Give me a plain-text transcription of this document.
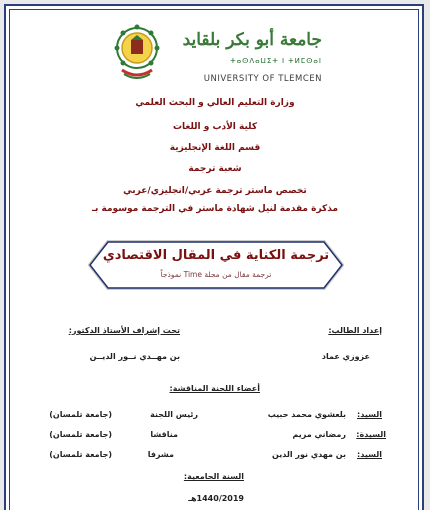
جامعة أبو بكر بلقايد
ⵜⴰⵙⴷⴰⵡⵉⵜ ⵏ ⵜⵍⵎⵙⴰⵏ
UNIVERSITY OF TLEMCEN
وزارة التعليم العالي و البحث العلمي
كلية الأدب و اللغات
قسم اللغة الإنجليزية
شعبة ترجمة
تخصص ماستر ترجمة عربي/انجليزي/عربي
مذكرة مقدمة لنيل شهادة ماستر في الترجمة موسومة بـ
ترجمة الكناية في المقال الاقتصادي
ترجمة مقال من مجلة Time نموذجاً
إعداد الطالب:
تحت إشراف الأستاذ الدكتور:
عزوزي عماد
بن مهــدي نــور الديــن
أعضاء اللجنة المناقشة:
السيد:
بلعشوي محمد حبيب
رئيس اللجنة
(جامعة تلمسان)
السيدة:
رمضاني مريم
مناقشا
(جامعة تلمسان)
السيد:
بن مهدي نور الدين
مشرفا
(جامعة تلمسان)
السنة الجامعية:
1440/2019هـ
